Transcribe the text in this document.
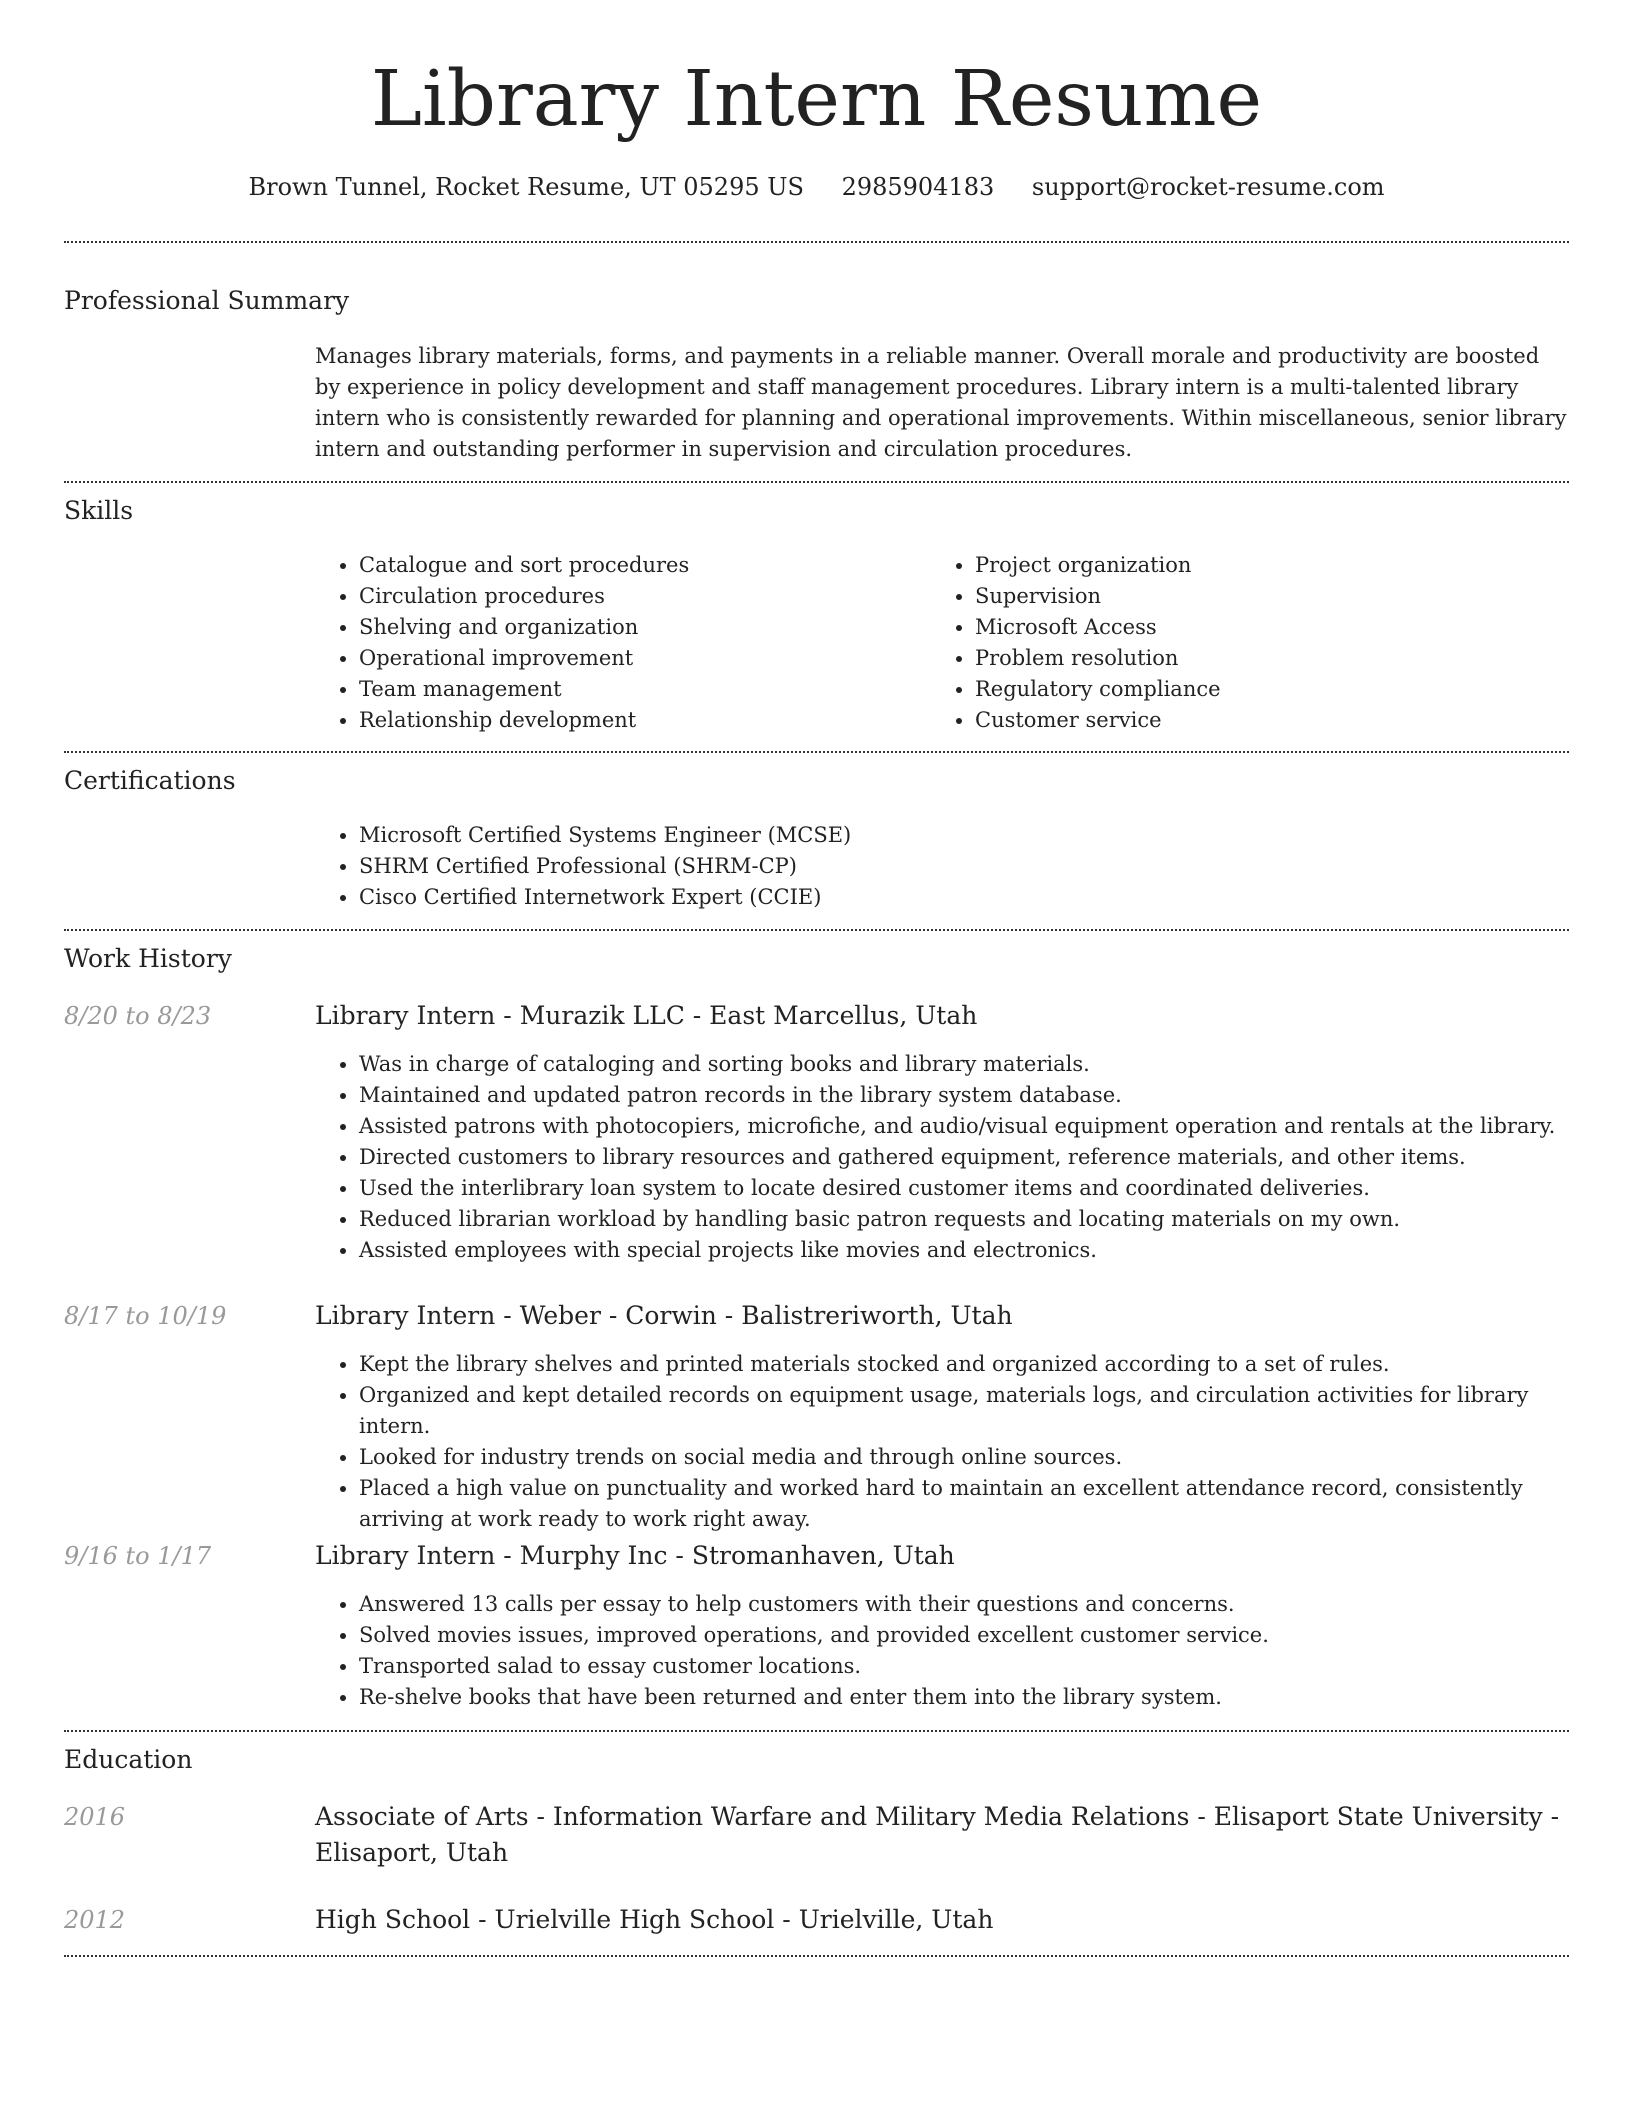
Library Intern Resume
Brown Tunnel, Rocket Resume, UT 05295 US 2985904183 support@rocket-resume.com
Professional Summary

Manages library materials, forms, and payments in a reliable manner. Overall morale and productivity are boosted by experience in policy development and staff management procedures. Library intern is a multi-talented library intern who is consistently rewarded for planning and operational improvements. Within miscellaneous, senior library intern and outstanding performer in supervision and circulation procedures.

Skills
• Catalogue and sort procedures
• Circulation procedures
• Shelving and organization
• Operational improvement
• Team management
• Relationship development
• Project organization
• Supervision
• Microsoft Access
• Problem resolution
• Regulatory compliance
• Customer service
Certifications
• Microsoft Certified Systems Engineer (MCSE)
• SHRM Certified Professional (SHRM-CP)
• Cisco Certified Internetwork Expert (CCIE)
Work History
8/20 to 8/23	Library Intern - Murazik LLC - East Marcellus, Utah
• Was in charge of cataloging and sorting books and library materials.
• Maintained and updated patron records in the library system database.
• Assisted patrons with photocopiers, microfiche, and audio/visual equipment operation and rentals at the library.
• Directed customers to library resources and gathered equipment, reference materials, and other items.
• Used the interlibrary loan system to locate desired customer items and coordinated deliveries.
• Reduced librarian workload by handling basic patron requests and locating materials on my own.
• Assisted employees with special projects like movies and electronics.
8/17 to 10/19	Library Intern - Weber - Corwin - Balistreriworth, Utah
• Kept the library shelves and printed materials stocked and organized according to a set of rules.
• Organized and kept detailed records on equipment usage, materials logs, and circulation activities for library intern.
• Looked for industry trends on social media and through online sources.
• Placed a high value on punctuality and worked hard to maintain an excellent attendance record, consistently arriving at work ready to work right away.
9/16 to 1/17	Library Intern - Murphy Inc - Stromanhaven, Utah
• Answered 13 calls per essay to help customers with their questions and concerns.
• Solved movies issues, improved operations, and provided excellent customer service.
• Transported salad to essay customer locations.
• Re-shelve books that have been returned and enter them into the library system.
Education
2016	Associate of Arts - Information Warfare and Military Media Relations - Elisaport State University - Elisaport, Utah
2012	High School - Urielville High School - Urielville, Utah
